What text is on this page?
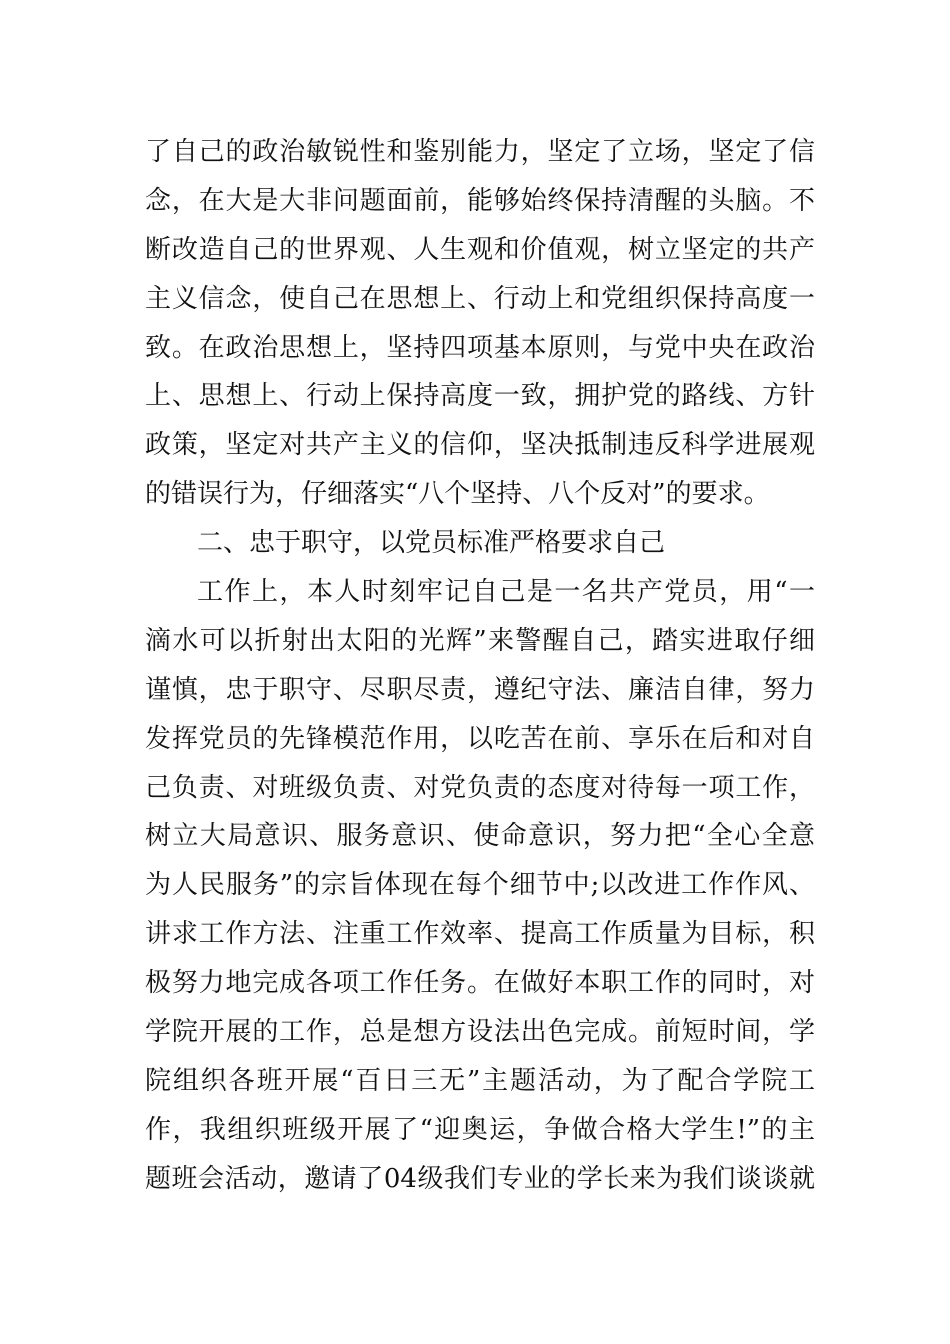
了自己的政治敏锐性和鉴别能力，坚定了立场，坚定了信
念，在大是大非问题面前，能够始终保持清醒的头脑。不
断改造自己的世界观、人生观和价值观，树立坚定的共产
主义信念，使自己在思想上、行动上和党组织保持高度一
致。在政治思想上，坚持四项基本原则，与党中央在政治
上、思想上、行动上保持高度一致，拥护党的路线、方针
政策，坚定对共产主义的信仰，坚决抵制违反科学进展观
的错误行为，仔细落实“八个坚持、八个反对”的要求。
二、忠于职守，以党员标准严格要求自己
工作上，本人时刻牢记自己是一名共产党员，用“一
滴水可以折射出太阳的光辉”来警醒自己，踏实进取仔细
谨慎，忠于职守、尽职尽责，遵纪守法、廉洁自律，努力
发挥党员的先锋模范作用，以吃苦在前、享乐在后和对自
己负责、对班级负责、对党负责的态度对待每一项工作，
树立大局意识、服务意识、使命意识，努力把“全心全意
为人民服务”的宗旨体现在每个细节中;以改进工作作风、
讲求工作方法、注重工作效率、提高工作质量为目标，积
极努力地完成各项工作任务。在做好本职工作的同时，对
学院开展的工作，总是想方设法出色完成。前短时间，学
院组织各班开展“百日三无”主题活动，为了配合学院工
作，我组织班级开展了“迎奥运，争做合格大学生!”的主
题班会活动，邀请了04级我们专业的学长来为我们谈谈就
